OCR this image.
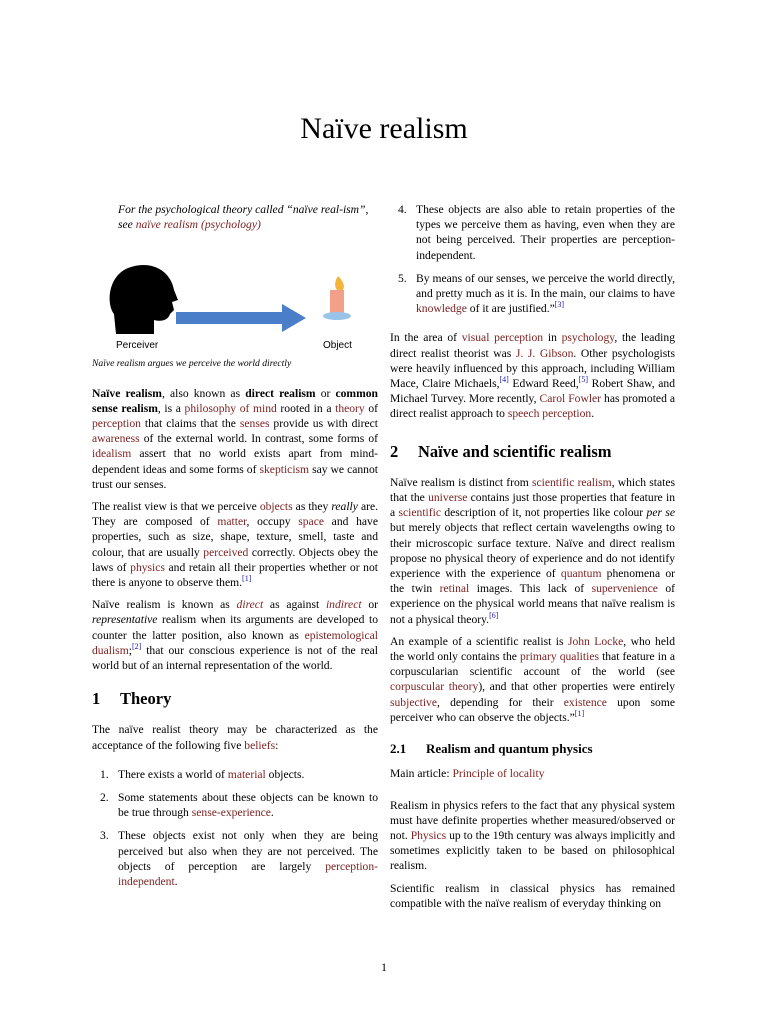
Naïve realism
For the psychological theory called “naïve real-ism”, see naïve realism (psychology)
Perceiver	Object
Naïve realism argues we perceive the world directly

Naïve realism, also known as direct realism or common sense realism, is a philosophy of mind rooted in a theory of perception that claims that the senses provide us with direct awareness of the external world. In contrast, some forms of idealism assert that no world exists apart from mind-dependent ideas and some forms of skepticism say we cannot trust our senses.

The realist view is that we perceive objects as they really are. They are composed of matter, occupy space and have properties, such as size, shape, texture, smell, taste and colour, that are usually perceived correctly. Objects obey the laws of physics and retain all their properties whether or not there is anyone to observe them.[1]

Naïve realism is known as direct as against indirect or representative realism when its arguments are developed to counter the latter position, also known as epistemological dualism;[2] that our conscious experience is not of the real world but of an internal representation of the world.

1 Theory

The naïve realist theory may be characterized as the acceptance of the following five beliefs:

1. There exists a world of material objects.
2. Some statements about these objects can be known to be true through sense-experience.
3. These objects exist not only when they are being perceived but also when they are not perceived. The objects of perception are largely perception-independent.
4. These objects are also able to retain properties of the types we perceive them as having, even when they are not being perceived. Their properties are perception-independent.
5. By means of our senses, we perceive the world directly, and pretty much as it is. In the main, our claims to have knowledge of it are justified.”[3]

In the area of visual perception in psychology, the leading direct realist theorist was J. J. Gibson. Other psychologists were heavily influenced by this approach, including William Mace, Claire Michaels,[4] Edward Reed,[5] Robert Shaw, and Michael Turvey. More recently, Carol Fowler has promoted a direct realist approach to speech perception.

2 Naïve and scientific realism

Naïve realism is distinct from scientific realism, which states that the universe contains just those properties that feature in a scientific description of it, not properties like colour per se but merely objects that reflect certain wavelengths owing to their microscopic surface texture. Naïve and direct realism propose no physical theory of experience and do not identify experience with the experience of quantum phenomena or the twin retinal images. This lack of supervenience of experience on the physical world means that naïve realism is not a physical theory.[6]

An example of a scientific realist is John Locke, who held the world only contains the primary qualities that feature in a corpuscularian scientific account of the world (see corpuscular theory), and that other properties were entirely subjective, depending for their existence upon some perceiver who can observe the objects.”[1]

2.1 Realism and quantum physics

Main article: Principle of locality

Realism in physics refers to the fact that any physical system must have definite properties whether measured/observed or not. Physics up to the 19th century was always implicitly and sometimes explicitly taken to be based on philosophical realism.

Scientific realism in classical physics has remained compatible with the naïve realism of everyday thinking on

1
